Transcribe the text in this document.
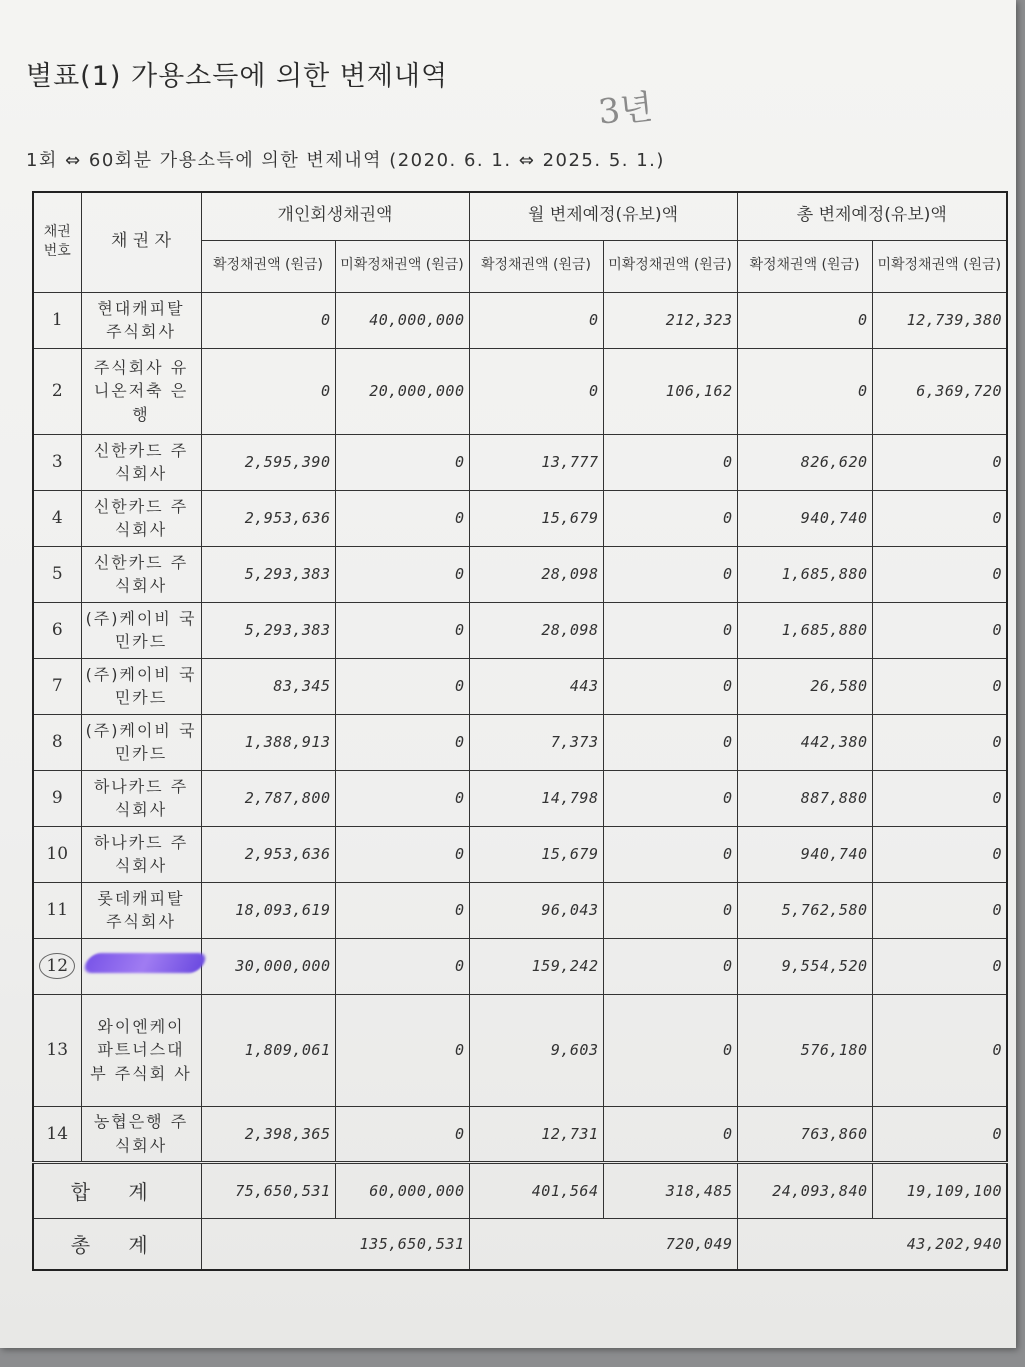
별표(1) 가용소득에 의한 변제내역
3년
1회 ⇔ 60회분 가용소득에 의한 변제내역 (2020. 6. 1. ⇔ 2025. 5. 1.)
채권 번호	채 권 자	개인회생채권액		월 변제예정(유보)액		총 변제예정(유보)액	
		확정채권액 (원금)	미확정채권액 (원금)	확정채권액 (원금)	미확정채권액 (원금)	확정채권액 (원금)	미확정채권액 (원금)
1	현대캐피탈 주식회사	0	40,000,000	0	212,323	0	12,739,380
2	주식회사 유니온저축 은행	0	20,000,000	0	106,162	0	6,369,720
3	신한카드 주식회사	2,595,390	0	13,777	0	826,620	0
4	신한카드 주식회사	2,953,636	0	15,679	0	940,740	0
5	신한카드 주식회사	5,293,383	0	28,098	0	1,685,880	0
6	(주)케이비 국민카드	5,293,383	0	28,098	0	1,685,880	0
7	(주)케이비 국민카드	83,345	0	443	0	26,580	0
8	(주)케이비 국민카드	1,388,913	0	7,373	0	442,380	0
9	하나카드 주식회사	2,787,800	0	14,798	0	887,880	0
10	하나카드 주식회사	2,953,636	0	15,679	0	940,740	0
11	롯데캐피탈 주식회사	18,093,619	0	96,043	0	5,762,580	0
12		30,000,000	0	159,242	0	9,554,520	0
13	와이엔케이 파트너스대 부 주식회 사	1,809,061	0	9,603	0	576,180	0
14	농협은행 주식회사	2,398,365	0	12,731	0	763,860	0
합 계		75,650,531	60,000,000	401,564	318,485	24,093,840	19,109,100
총 계		135,650,531		720,049		43,202,940	
